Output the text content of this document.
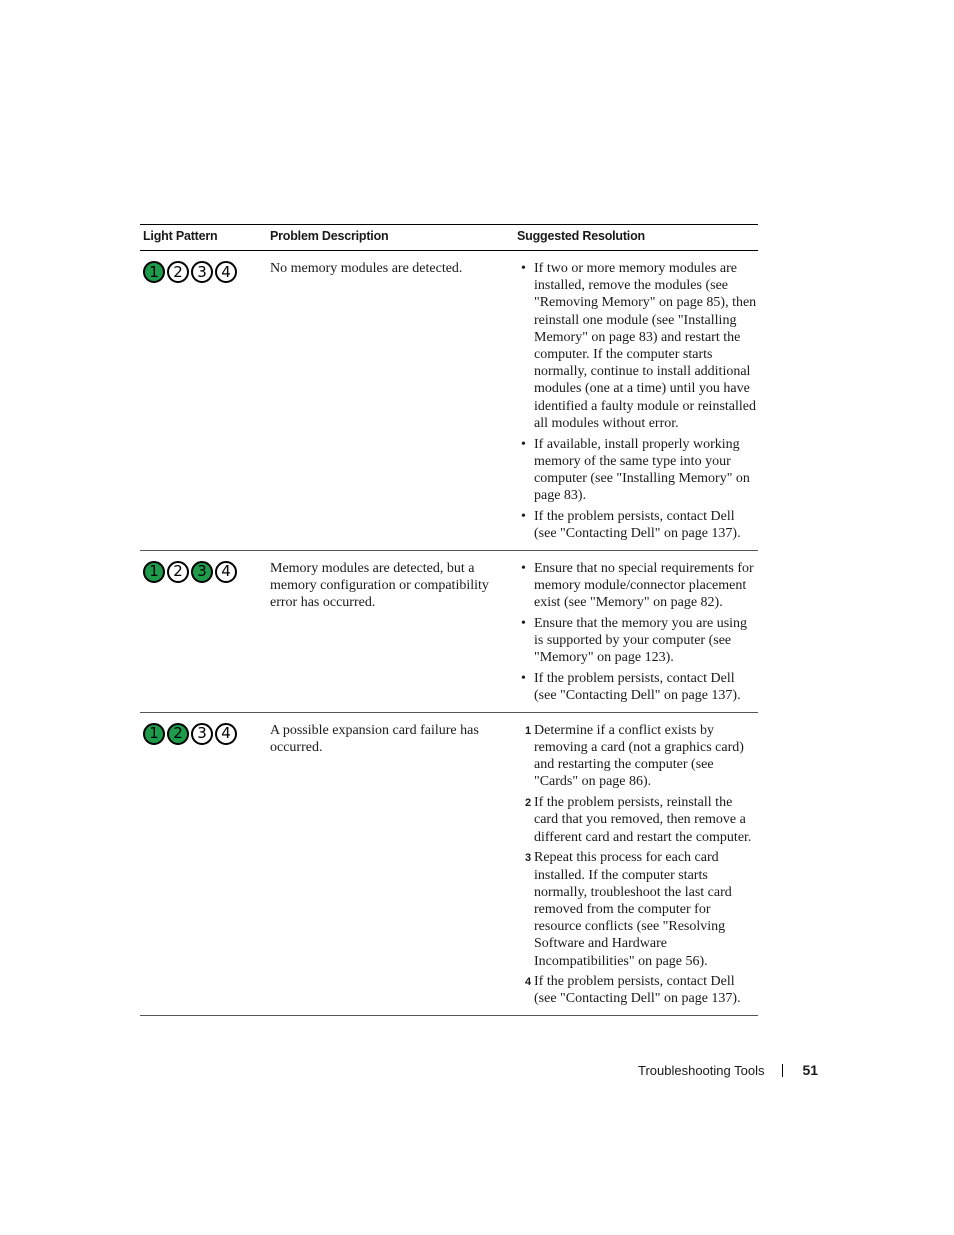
Light Pattern	Problem Description	Suggested Resolution
1 2 3 4	No memory modules are detected.	• If two or more memory modules are installed, remove the modules (see "Removing Memory" on page 85), then reinstall one module (see "Installing Memory" on page 83) and restart the computer. If the computer starts normally, continue to install additional modules (one at a time) until you have identified a faulty module or reinstalled all modules without error.
• If available, install properly working memory of the same type into your computer (see "Installing Memory" on page 83).
• If the problem persists, contact Dell (see "Contacting Dell" on page 137).
1 2 3 4	Memory modules are detected, but a memory configuration or compatibility error has occurred.
• Ensure that no special requirements for memory module/connector placement exist (see "Memory" on page 82).
• Ensure that the memory you are using is supported by your computer (see "Memory" on page 123).
• If the problem persists, contact Dell (see "Contacting Dell" on page 137).
1 2 3 4	A possible expansion card failure has occurred.
1 Determine if a conflict exists by removing a card (not a graphics card) and restarting the computer (see "Cards" on page 86).
2 If the problem persists, reinstall the card that you removed, then remove a different card and restart the computer.
3 Repeat this process for each card installed. If the computer starts normally, troubleshoot the last card removed from the computer for resource conflicts (see "Resolving Software and Hardware Incompatibilities" on page 56).
4 If the problem persists, contact Dell (see "Contacting Dell" on page 137).
Troubleshooting Tools	51
